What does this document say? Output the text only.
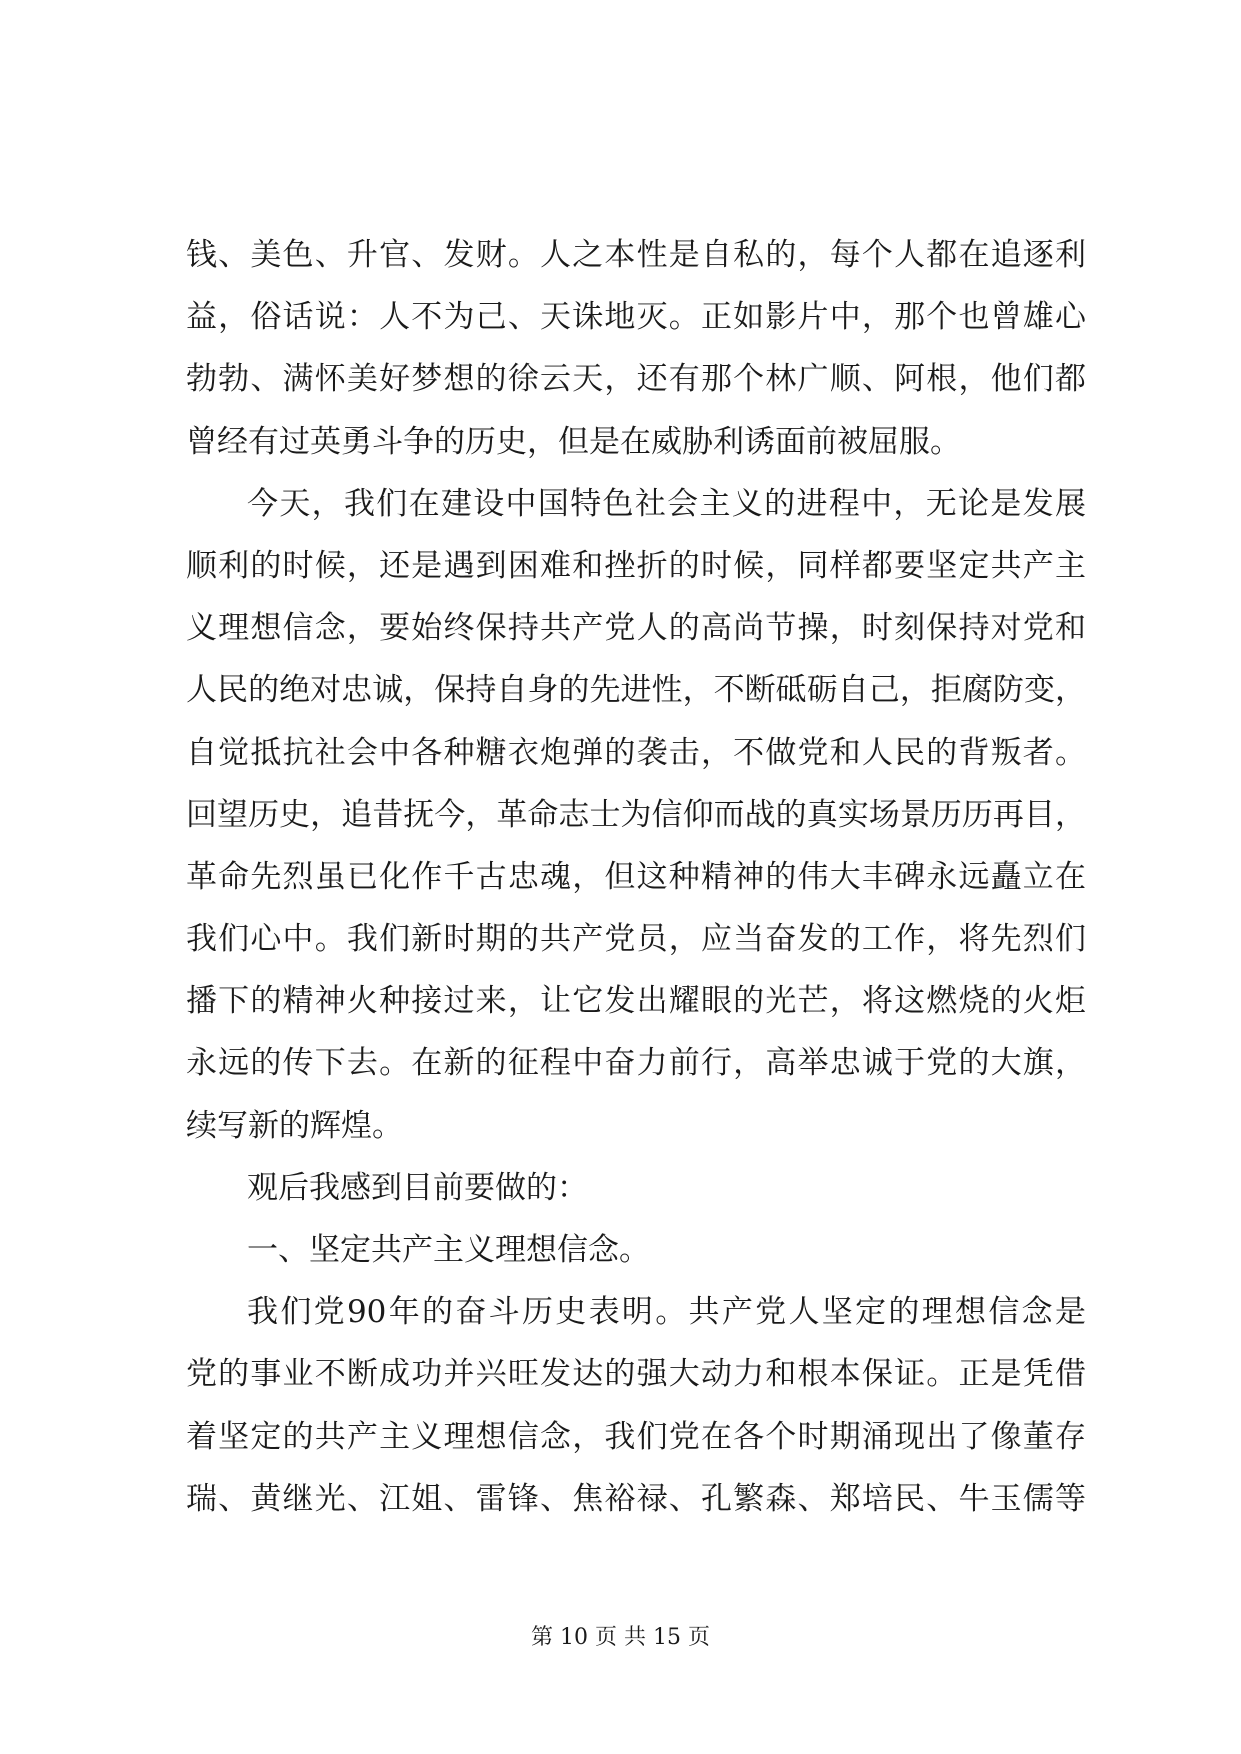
钱、美色、升官、发财。人之本性是自私的，每个人都在追逐利
益，俗话说：人不为己、天诛地灭。正如影片中，那个也曾雄心
勃勃、满怀美好梦想的徐云天，还有那个林广顺、阿根，他们都
曾经有过英勇斗争的历史，但是在威胁利诱面前被屈服。
今天，我们在建设中国特色社会主义的进程中，无论是发展
顺利的时候，还是遇到困难和挫折的时候，同样都要坚定共产主
义理想信念，要始终保持共产党人的高尚节操，时刻保持对党和
人民的绝对忠诚，保持自身的先进性，不断砥砺自己，拒腐防变，
自觉抵抗社会中各种糖衣炮弹的袭击，不做党和人民的背叛者。
回望历史，追昔抚今，革命志士为信仰而战的真实场景历历再目，
革命先烈虽已化作千古忠魂，但这种精神的伟大丰碑永远矗立在
我们心中。我们新时期的共产党员，应当奋发的工作，将先烈们
播下的精神火种接过来，让它发出耀眼的光芒，将这燃烧的火炬
永远的传下去。在新的征程中奋力前行，高举忠诚于党的大旗，
续写新的辉煌。
观后我感到目前要做的：
一、坚定共产主义理想信念。
我们党90年的奋斗历史表明。共产党人坚定的理想信念是
党的事业不断成功并兴旺发达的强大动力和根本保证。正是凭借
着坚定的共产主义理想信念，我们党在各个时期涌现出了像董存
瑞、黄继光、江姐、雷锋、焦裕禄、孔繁森、郑培民、牛玉儒等
第 10 页 共 15 页
